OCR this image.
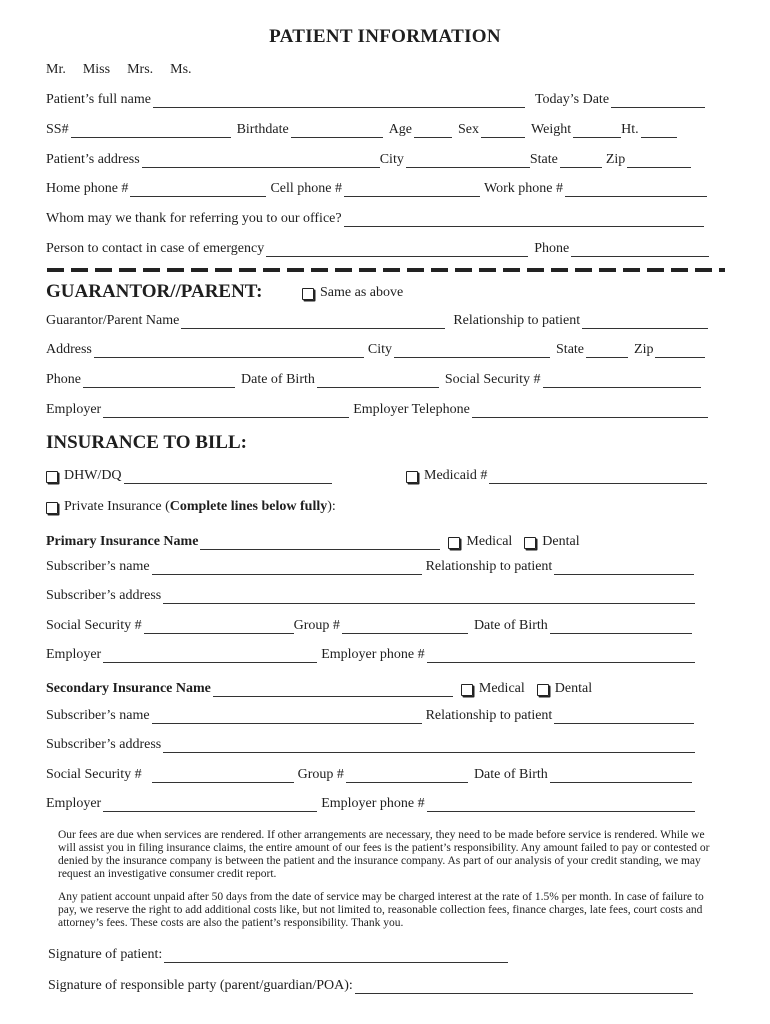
PATIENT INFORMATION
Mr. Miss Mrs. Ms.
Patient’s full name	Today’s Date
SS#	Birthdate	Age	Sex	Weight	Ht.
Patient’s address	City	State	Zip
Home phone #	Cell phone #	Work phone #
Whom may we thank for referring you to our office?
Person to contact in case of emergency	Phone
GUARANTOR//PARENT:	Same as above
Guarantor/Parent Name	Relationship to patient
Address	City	State	Zip
Phone	Date of Birth	Social Security #
Employer	Employer Telephone
INSURANCE TO BILL:
DHW/DQ	Medicaid #
Private Insurance ( Complete lines below fully ):
Primary Insurance Name	Medical Dental
Subscriber’s name	Relationship to patient
Subscriber’s address
Social Security #	Group #	Date of Birth
Employer	Employer phone #
Secondary Insurance Name	Medical Dental
Subscriber’s name	Relationship to patient
Subscriber’s address
Social Security #	Group #	Date of Birth
Employer	Employer phone #
Our fees are due when services are rendered. If other arrangements are necessary, they need to be made before service is rendered. While we will assist you in filing insurance claims, the entire amount of our fees is the patient’s responsibility. Any amount failed to pay or contested or denied by the insurance company is between the patient and the insurance company. As part of our analysis of your credit standing, we may request an investigative consumer credit report.
Any patient account unpaid after 50 days from the date of service may be charged interest at the rate of 1.5% per month. In case of failure to pay, we reserve the right to add additional costs like, but not limited to, reasonable collection fees, finance charges, late fees, court costs and attorney’s fees. These costs are also the patient’s responsibility. Thank you.
Signature of patient:
Signature of responsible party (parent/guardian/POA):
